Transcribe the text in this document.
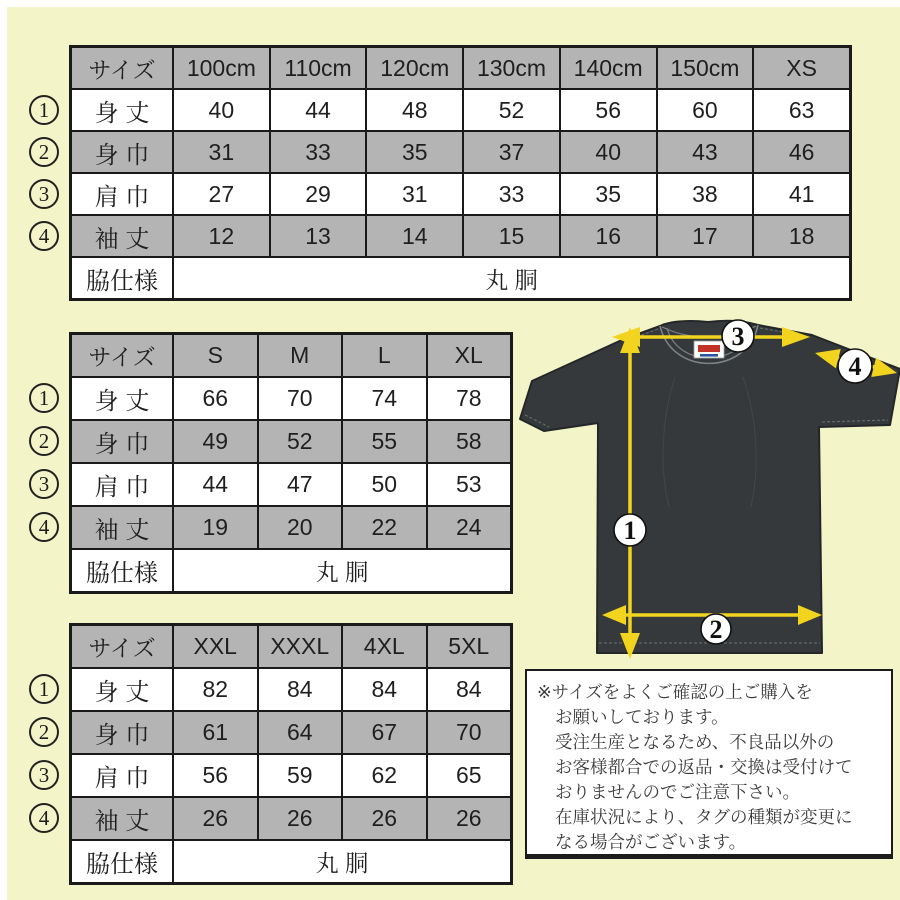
サイズ	100cm	110cm	120cm	130cm	140cm	150cm	XS
身 丈	40	44	48	52	56	60	63
身 巾	31	33	35	37	40	43	46
肩 巾	27	29	31	33	35	38	41
袖 丈	12	13	14	15	16	17	18
脇仕様	丸 胴
サイズ	S	M	L	XL
身 丈	66	70	74	78
身 巾	49	52	55	58
肩 巾	44	47	50	53
袖 丈	19	20	22	24
脇仕様	丸 胴
サイズ	XXL	XXXL	4XL	5XL
身 丈	82	84	84	84
身 巾	61	64	67	70
肩 巾	56	59	62	65
袖 丈	26	26	26	26
脇仕様	丸 胴
1
2
3
4
1
2
3
4
1
2
3
4
3
4
1
2
※サイズをよくご確認の上ご購入を
お願いしております。
受注生産となるため、不良品以外の
お客様都合での返品・交換は受付けて
おりませんのでご注意下さい。
在庫状況により、タグの種類が変更に
なる場合がございます。
